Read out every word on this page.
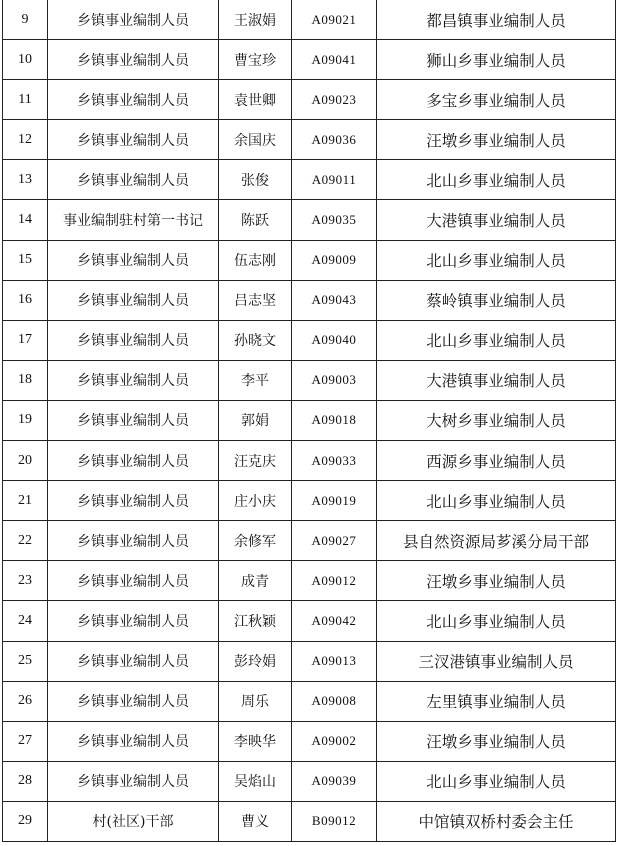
9	乡镇事业编制人员	王淑娟	A09021	都昌镇事业编制人员
10	乡镇事业编制人员	曹宝珍	A09041	狮山乡事业编制人员
11	乡镇事业编制人员	袁世卿	A09023	多宝乡事业编制人员
12	乡镇事业编制人员	余国庆	A09036	汪墩乡事业编制人员
13	乡镇事业编制人员	张俊	A09011	北山乡事业编制人员
14	事业编制驻村第一书记	陈跃	A09035	大港镇事业编制人员
15	乡镇事业编制人员	伍志刚	A09009	北山乡事业编制人员
16	乡镇事业编制人员	吕志坚	A09043	蔡岭镇事业编制人员
17	乡镇事业编制人员	孙晓文	A09040	北山乡事业编制人员
18	乡镇事业编制人员	李平	A09003	大港镇事业编制人员
19	乡镇事业编制人员	郭娟	A09018	大树乡事业编制人员
20	乡镇事业编制人员	汪克庆	A09033	西源乡事业编制人员
21	乡镇事业编制人员	庄小庆	A09019	北山乡事业编制人员
22	乡镇事业编制人员	余修军	A09027	县自然资源局芗溪分局干部
23	乡镇事业编制人员	成青	A09012	汪墩乡事业编制人员
24	乡镇事业编制人员	江秋颖	A09042	北山乡事业编制人员
25	乡镇事业编制人员	彭玲娟	A09013	三汊港镇事业编制人员
26	乡镇事业编制人员	周乐	A09008	左里镇事业编制人员
27	乡镇事业编制人员	李映华	A09002	汪墩乡事业编制人员
28	乡镇事业编制人员	吴焰山	A09039	北山乡事业编制人员
29	村(社区)干部	曹义	B09012	中馆镇双桥村委会主任
